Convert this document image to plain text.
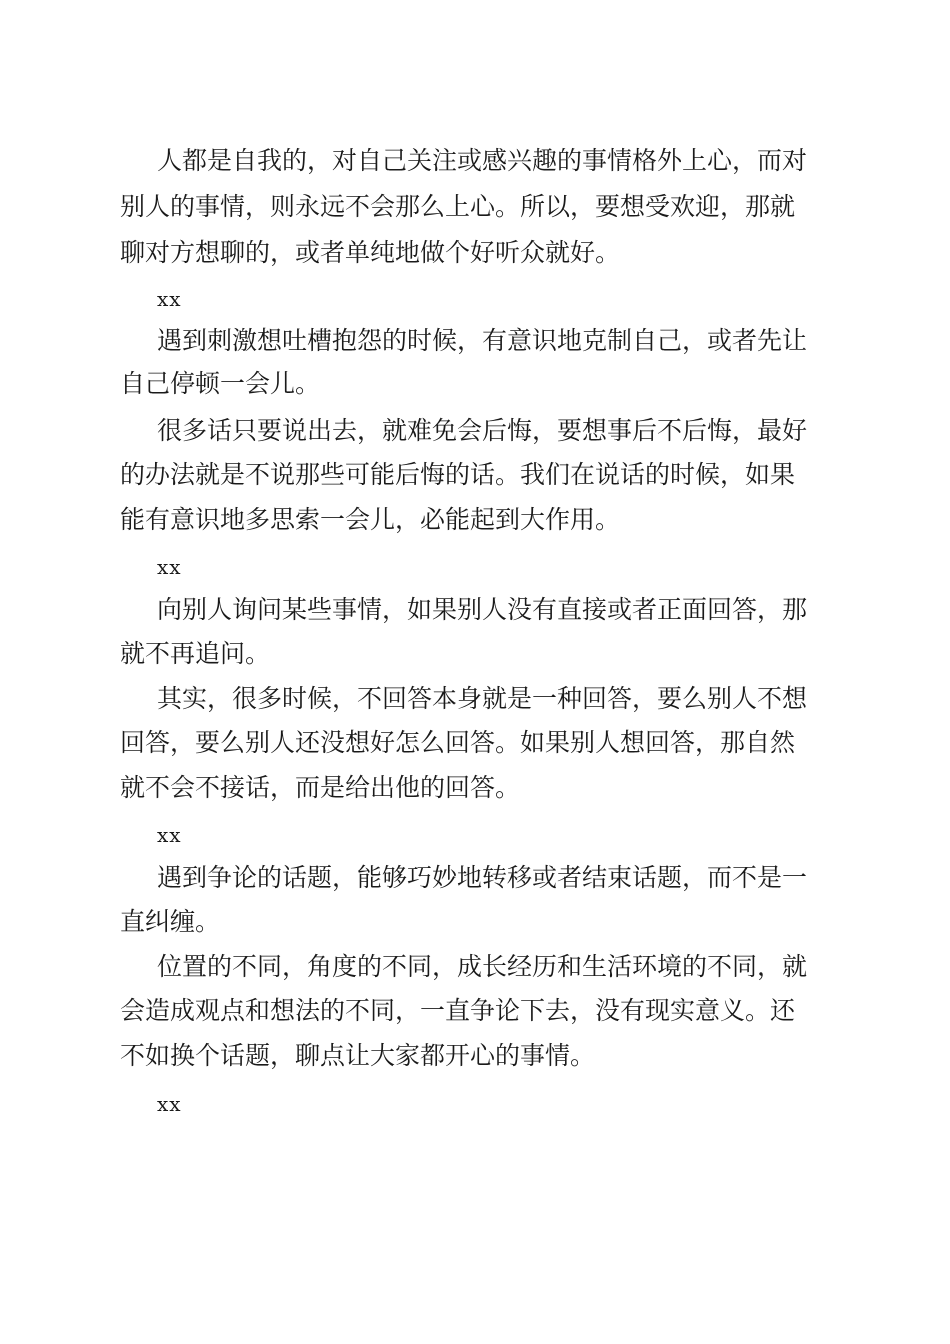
人都是自我的，对自己关注或感兴趣的事情格外上心，而对
别人的事情，则永远不会那么上心。所以，要想受欢迎，那就
聊对方想聊的，或者单纯地做个好听众就好。
xx
遇到刺激想吐槽抱怨的时候，有意识地克制自己，或者先让
自己停顿一会儿。
很多话只要说出去，就难免会后悔，要想事后不后悔，最好
的办法就是不说那些可能后悔的话。我们在说话的时候，如果
能有意识地多思索一会儿，必能起到大作用。
xx
向别人询问某些事情，如果别人没有直接或者正面回答，那
就不再追问。
其实，很多时候，不回答本身就是一种回答，要么别人不想
回答，要么别人还没想好怎么回答。如果别人想回答，那自然
就不会不接话，而是给出他的回答。
xx
遇到争论的话题，能够巧妙地转移或者结束话题，而不是一
直纠缠。
位置的不同，角度的不同，成长经历和生活环境的不同，就
会造成观点和想法的不同，一直争论下去，没有现实意义。还
不如换个话题，聊点让大家都开心的事情。
xx
